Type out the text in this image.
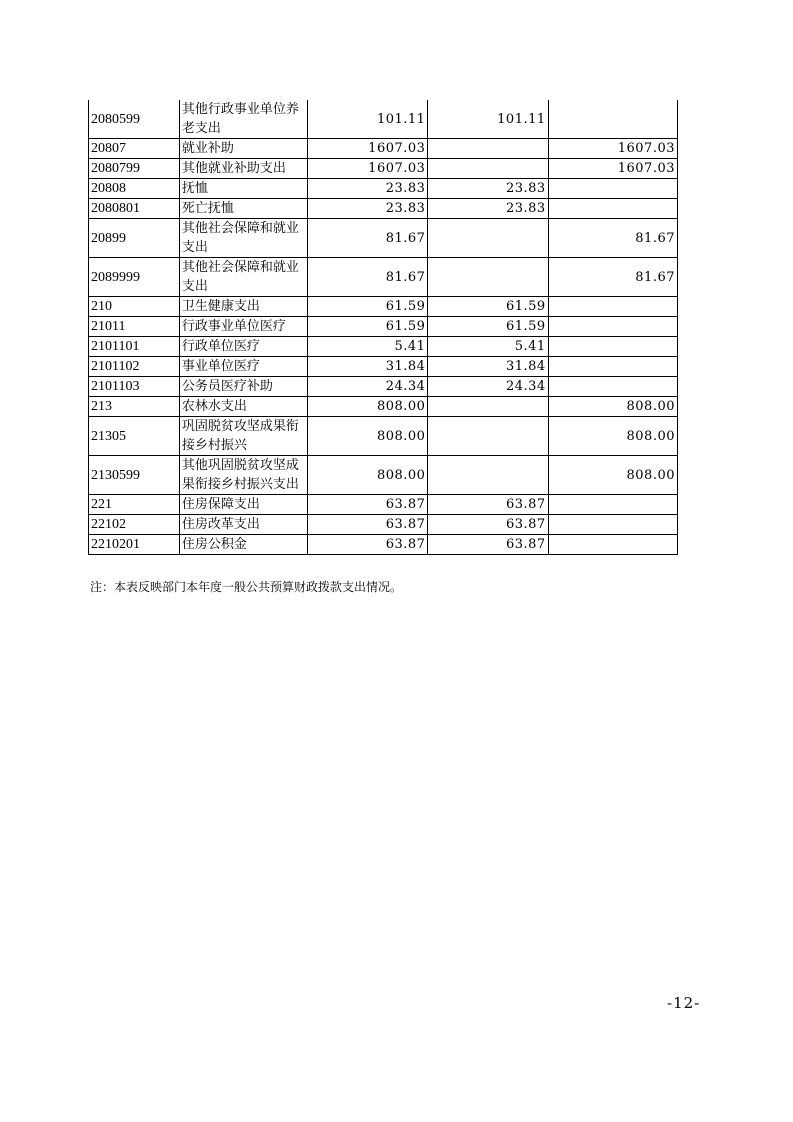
2080599	其他行政事业单位养老支出	101.11	101.11	
20807	就业补助	1607.03		1607.03
2080799	其他就业补助支出	1607.03		1607.03
20808	抚恤	23.83	23.83	
2080801	死亡抚恤	23.83	23.83	
20899	其他社会保障和就业支出	81.67		81.67
2089999	其他社会保障和就业支出	81.67		81.67
210	卫生健康支出	61.59	61.59	
21011	行政事业单位医疗	61.59	61.59	
2101101	行政单位医疗	5.41	5.41	
2101102	事业单位医疗	31.84	31.84	
2101103	公务员医疗补助	24.34	24.34	
213	农林水支出	808.00		808.00
21305	巩固脱贫攻坚成果衔接乡村振兴	808.00		808.00
2130599	其他巩固脱贫攻坚成果衔接乡村振兴支出	808.00		808.00
221	住房保障支出	63.87	63.87	
22102	住房改革支出	63.87	63.87	
2210201	住房公积金	63.87	63.87	
注：本表反映部门本年度一般公共预算财政拨款支出情况。
-12-
